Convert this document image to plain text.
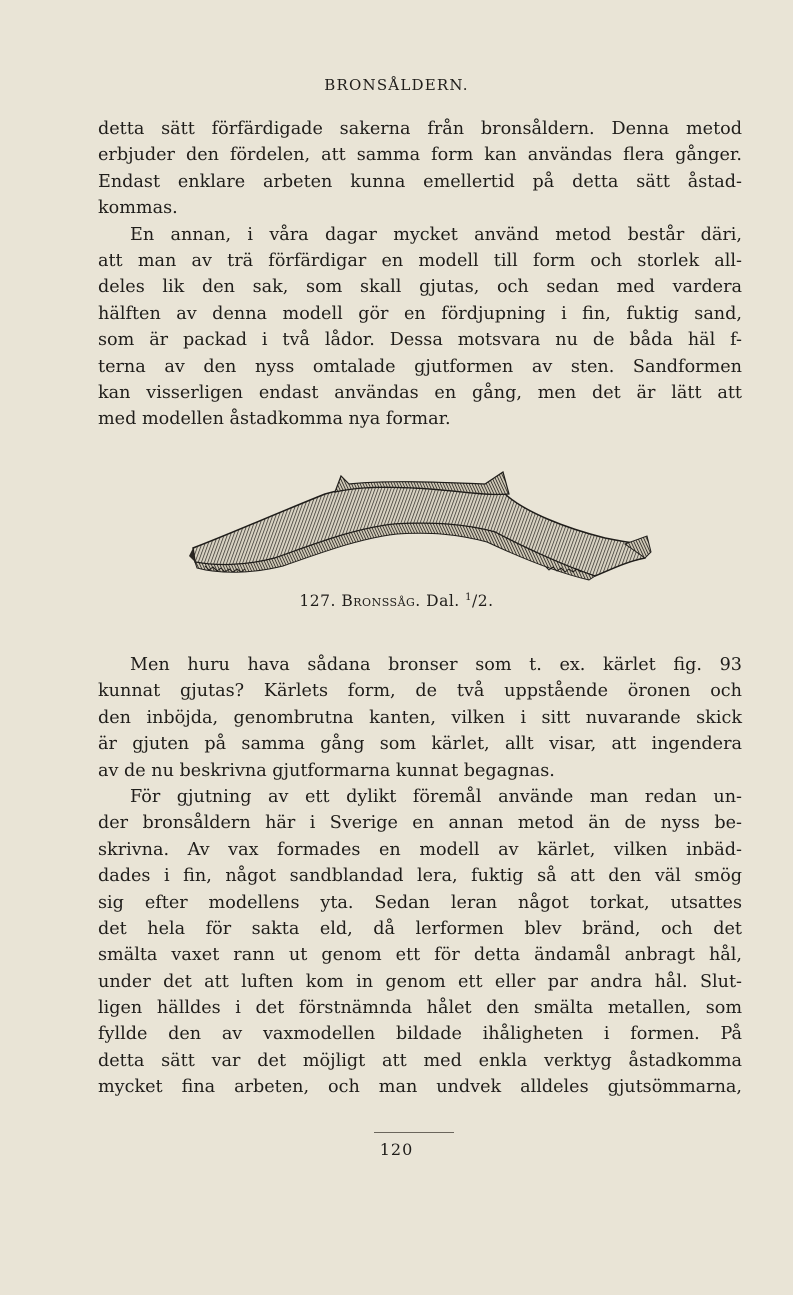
BRONSÅLDERN.
detta sätt förfärdigade sakerna från bronsåldern. Denna metod
erbjuder den fördelen, att samma form kan användas flera gånger.
Endast enklare arbeten kunna emellertid på detta sätt åstad-
kommas.
En annan, i våra dagar mycket använd metod består däri,
att man av trä förfärdigar en modell till form och storlek all-
deles lik den sak, som skall gjutas, och sedan med vardera
hälften av denna modell gör en fördjupning i fin, fuktig sand,
som är packad i två lådor. Dessa motsvara nu de båda häl f-
terna av den nyss omtalade gjutformen av sten. Sandformen
kan visserligen endast användas en gång, men det är lätt att
med modellen åstadkomma nya formar.
127. Bronssåg. Dal. $^1$/2.
Men huru hava sådana bronser som t. ex. kärlet fig. 93
kunnat gjutas? Kärlets form, de två uppstående öronen och
den inböjda, genombrutna kanten, vilken i sitt nuvarande skick
är gjuten på samma gång som kärlet, allt visar, att ingendera
av de nu beskrivna gjutformarna kunnat begagnas.
För gjutning av ett dylikt föremål använde man redan un-
der bronsåldern här i Sverige en annan metod än de nyss be-
skrivna. Av vax formades en modell av kärlet, vilken inbäd-
dades i fin, något sandblandad lera, fuktig så att den väl smög
sig efter modellens yta. Sedan leran något torkat, utsattes
det hela för sakta eld, då lerformen blev bränd, och det
smälta vaxet rann ut genom ett för detta ändamål anbragt hål,
under det att luften kom in genom ett eller par andra hål. Slut-
ligen hälldes i det förstnämnda hålet den smälta metallen, som
fyllde den av vaxmodellen bildade ihåligheten i formen. På
detta sätt var det möjligt att med enkla verktyg åstadkomma
mycket fina arbeten, och man undvek alldeles gjutsömmarna,
120
